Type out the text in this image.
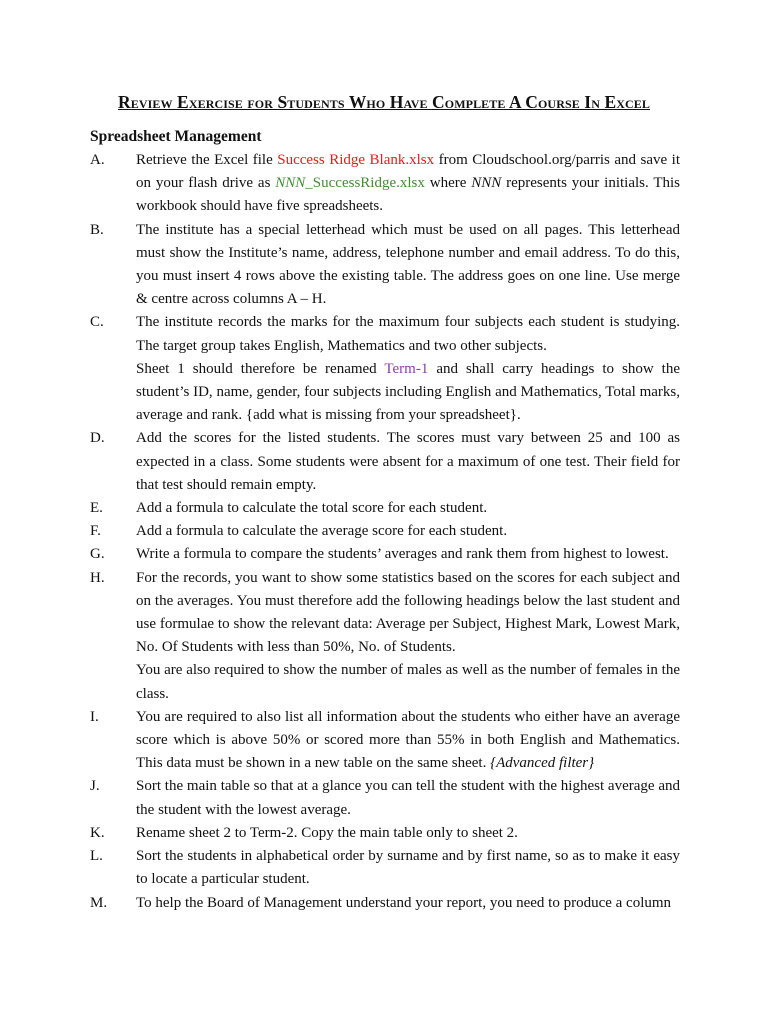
Review Exercise for Students Who Have Complete A Course In Excel
Spreadsheet Management
A.	Retrieve the Excel file Success Ridge Blank.xlsx from Cloudschool.org/parris and save it on your flash drive as NNN_SuccessRidge.xlsx where NNN represents your initials. This workbook should have five spreadsheets.
B.	The institute has a special letterhead which must be used on all pages. This letterhead must show the Institute’s name, address, telephone number and email address. To do this, you must insert 4 rows above the existing table. The address goes on one line. Use merge & centre across columns A – H.
C.	The institute records the marks for the maximum four subjects each student is studying. The target group takes English, Mathematics and two other subjects.
Sheet 1 should therefore be renamed Term-1 and shall carry headings to show the student’s ID, name, gender, four subjects including English and Mathematics, Total marks, average and rank. {add what is missing from your spreadsheet}.
D.	Add the scores for the listed students. The scores must vary between 25 and 100 as expected in a class. Some students were absent for a maximum of one test. Their field for that test should remain empty.
E.	Add a formula to calculate the total score for each student.
F.	Add a formula to calculate the average score for each student.
G.	Write a formula to compare the students’ averages and rank them from highest to lowest.
H.	For the records, you want to show some statistics based on the scores for each subject and on the averages. You must therefore add the following headings below the last student and use formulae to show the relevant data: Average per Subject, Highest Mark, Lowest Mark, No. Of Students with less than 50%, No. of Students.
You are also required to show the number of males as well as the number of females in the class.
I.	You are required to also list all information about the students who either have an average score which is above 50% or scored more than 55% in both English and Mathematics. This data must be shown in a new table on the same sheet. {Advanced filter}
J.	Sort the main table so that at a glance you can tell the student with the highest average and the student with the lowest average.
K.	Rename sheet 2 to Term-2. Copy the main table only to sheet 2.
L.	Sort the students in alphabetical order by surname and by first name, so as to make it easy to locate a particular student.
M.	To help the Board of Management understand your report, you need to produce a column
